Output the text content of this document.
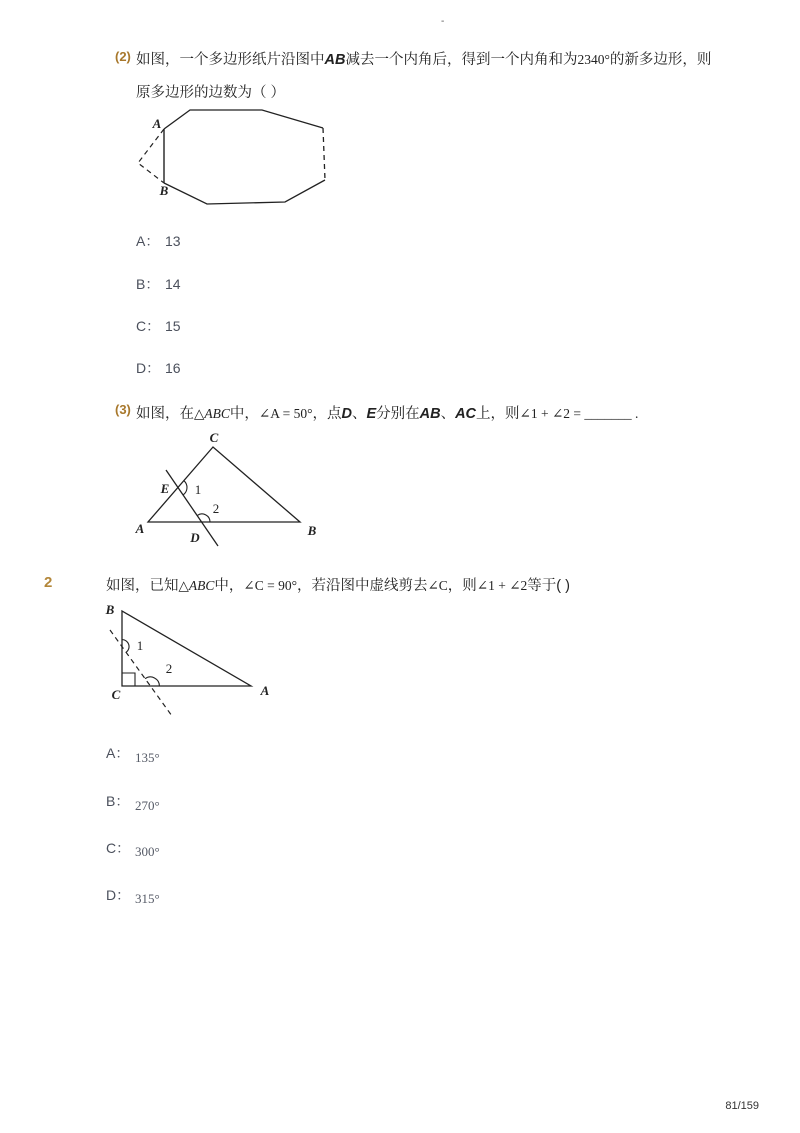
-
(2) 如图，一个多边形纸片沿图中AB减去一个内角后，得到一个内角和为2340°的新多边形，则
原多边形的边数为（ ）
A
B
A： 13
B： 14
C： 15
D： 16
(3) 如图，在△ABC中，∠A = 50°，点D、E分别在AB、AC上，则∠1 + ∠2 = _______ .
C
E 1
2
A
D	B
2	如图，已知△ABC中，∠C = 90°，若沿图中虚线剪去∠C，则∠1 + ∠2等于( )
B
C	A
1
2
A： 135°
B： 270°
C： 300°
D： 315°
81/159
